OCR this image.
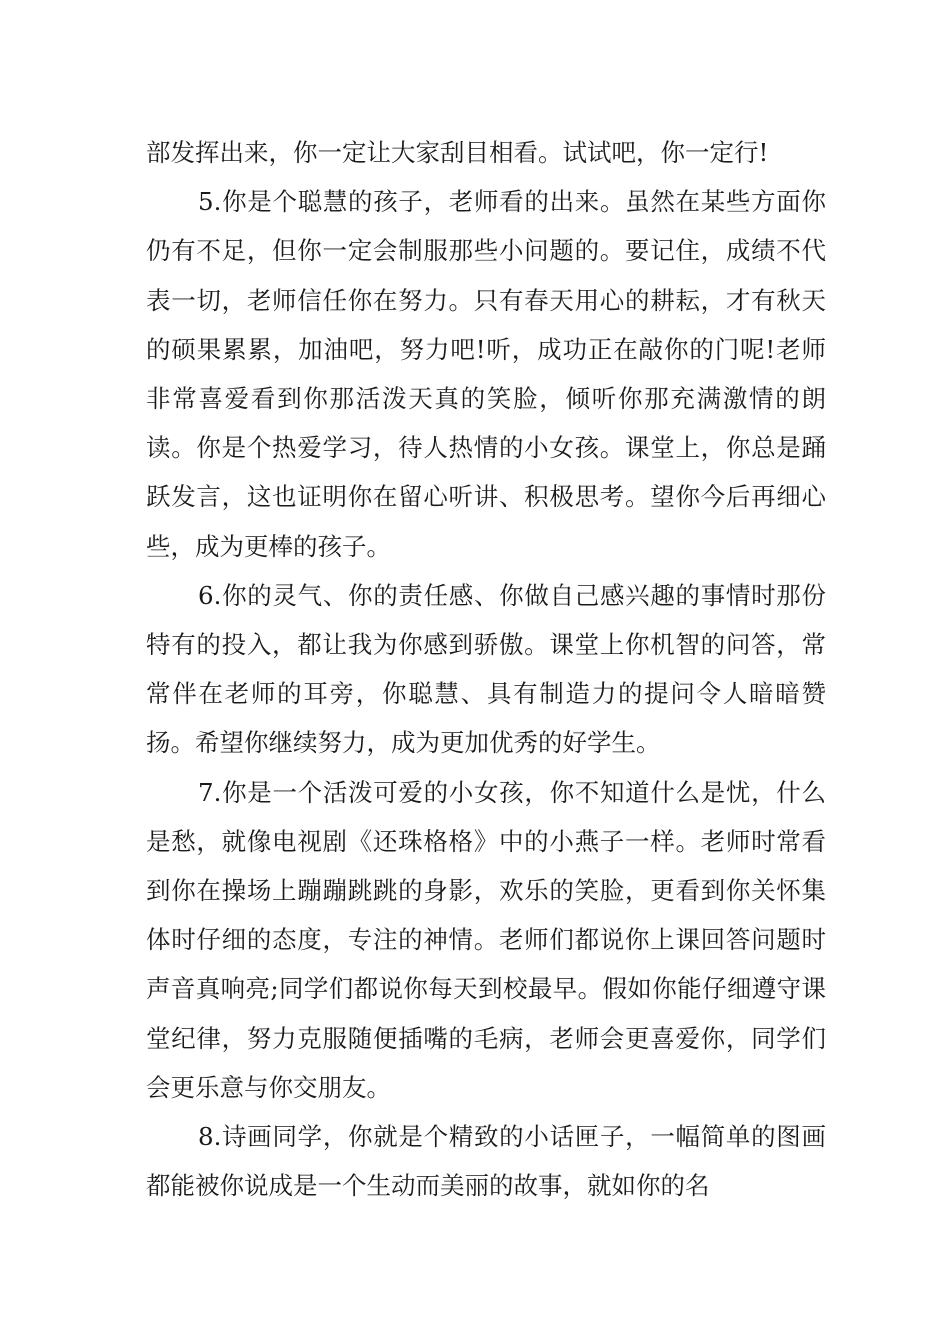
部发挥出来，你一定让大家刮目相看。试试吧，你一定行!

5.你是个聪慧的孩子，老师看的出来。虽然在某些方面你仍有不足，但你一定会制服那些小问题的。要记住，成绩不代表一切，老师信任你在努力。只有春天用心的耕耘，才有秋天的硕果累累，加油吧，努力吧!听，成功正在敲你的门呢!老师非常喜爱看到你那活泼天真的笑脸，倾听你那充满激情的朗读。你是个热爱学习，待人热情的小女孩。课堂上，你总是踊跃发言，这也证明你在留心听讲、积极思考。望你今后再细心些，成为更棒的孩子。

6.你的灵气、你的责任感、你做自己感兴趣的事情时那份特有的投入，都让我为你感到骄傲。课堂上你机智的问答，常常伴在老师的耳旁，你聪慧、具有制造力的提问令人暗暗赞扬。希望你继续努力，成为更加优秀的好学生。

7.你是一个活泼可爱的小女孩，你不知道什么是忧，什么是愁，就像电视剧《还珠格格》中的小燕子一样。老师时常看到你在操场上蹦蹦跳跳的身影，欢乐的笑脸，更看到你关怀集体时仔细的态度，专注的神情。老师们都说你上课回答问题时声音真响亮;同学们都说你每天到校最早。假如你能仔细遵守课堂纪律，努力克服随便插嘴的毛病，老师会更喜爱你，同学们会更乐意与你交朋友。

8.诗画同学，你就是个精致的小话匣子，一幅简单的图画都能被你说成是一个生动而美丽的故事，就如你的名
